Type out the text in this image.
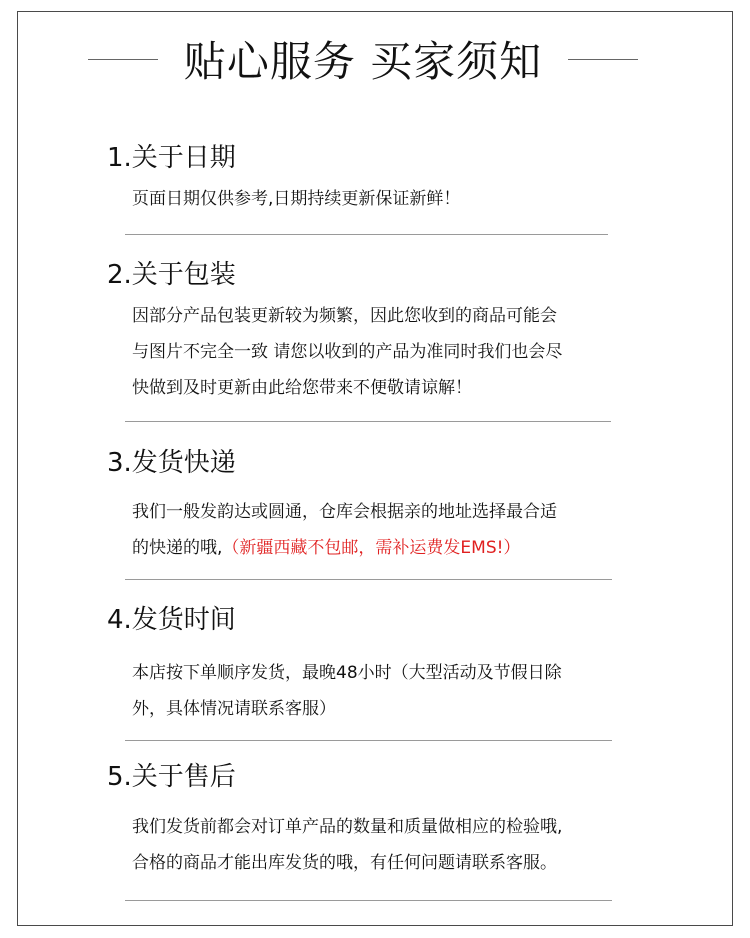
贴心服务 买家须知
1.关于日期

页面日期仅供参考,日期持续更新保证新鲜！

2.关于包装

因部分产品包装更新较为频繁，因此您收到的商品可能会

与图片不完全一致 请您以收到的产品为准同时我们也会尽

快做到及时更新由此给您带来不便敬请谅解！

3.发货快递

我们一般发韵达或圆通，仓库会根据亲的地址选择最合适

的快递的哦,（新疆西藏不包邮，需补运费发EMS!）

4.发货时间

本店按下单顺序发货，最晚48小时（大型活动及节假日除

外，具体情况请联系客服）

5.关于售后

我们发货前都会对订单产品的数量和质量做相应的检验哦,

合格的商品才能出库发货的哦，有任何问题请联系客服。
